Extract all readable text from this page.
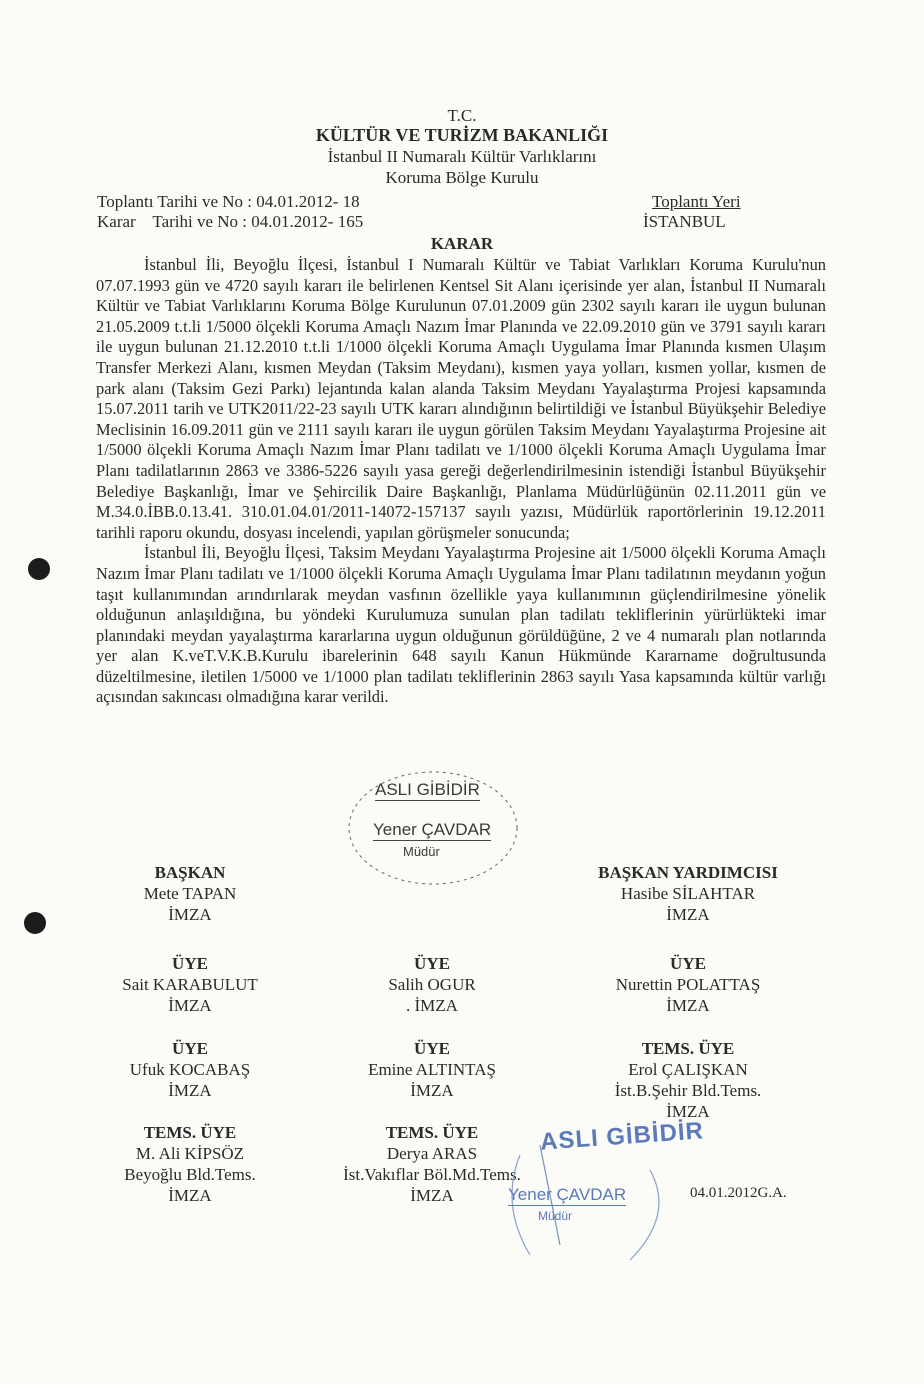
T.C.
KÜLTÜR VE TURİZM BAKANLIĞI
İstanbul II Numaralı Kültür Varlıklarını
Koruma Bölge Kurulu
Toplantı Tarihi ve No : 04.01.2012- 18
Karar    Tarihi ve No : 04.01.2012- 165
Toplantı Yeri
İSTANBUL
KARAR

İstanbul İli, Beyoğlu İlçesi, İstanbul I Numaralı Kültür ve Tabiat Varlıkları Koruma Kurulu'nun 07.07.1993 gün ve 4720 sayılı kararı ile belirlenen Kentsel Sit Alanı içerisinde yer alan, İstanbul II Numaralı Kültür ve Tabiat Varlıklarını Koruma Bölge Kurulunun 07.01.2009 gün 2302 sayılı kararı ile uygun bulunan 21.05.2009 t.t.li 1/5000 ölçekli Koruma Amaçlı Nazım İmar Planında ve 22.09.2010 gün ve 3791 sayılı kararı ile uygun bulunan 21.12.2010 t.t.li 1/1000 ölçekli Koruma Amaçlı Uygulama İmar Planında kısmen Ulaşım Transfer Merkezi Alanı, kısmen Meydan (Taksim Meydanı), kısmen yaya yolları, kısmen yollar, kısmen de park alanı (Taksim Gezi Parkı) lejantında kalan alanda Taksim Meydanı Yayalaştırma Projesi kapsamında 15.07.2011 tarih ve UTK2011/22-23 sayılı UTK kararı alındığının belirtildiği ve İstanbul Büyükşehir Belediye Meclisinin 16.09.2011 gün ve 2111 sayılı kararı ile uygun görülen Taksim Meydanı Yayalaştırma Projesine ait 1/5000 ölçekli Koruma Amaçlı Nazım İmar Planı tadilatı ve 1/1000 ölçekli Koruma Amaçlı Uygulama İmar Planı tadilatlarının 2863 ve 3386-5226 sayılı yasa gereği değerlendirilmesinin istendiği İstanbul Büyükşehir Belediye Başkanlığı, İmar ve Şehircilik Daire Başkanlığı, Planlama Müdürlüğünün 02.11.2011 gün ve M.34.0.İBB.0.13.41. 310.01.04.01/2011-14072-157137 sayılı yazısı, Müdürlük raportörlerinin 19.12.2011 tarihli raporu okundu, dosyası incelendi, yapılan görüşmeler sonucunda;

İstanbul İli, Beyoğlu İlçesi, Taksim Meydanı Yayalaştırma Projesine ait 1/5000 ölçekli Koruma Amaçlı Nazım İmar Planı tadilatı ve 1/1000 ölçekli Koruma Amaçlı Uygulama İmar Planı tadilatının meydanın yoğun taşıt kullanımından arındırılarak meydan vasfının özellikle yaya kullanımının güçlendirilmesine yönelik olduğunun anlaşıldığına, bu yöndeki Kurulumuza sunulan plan tadilatı tekliflerinin yürürlükteki imar planındaki meydan yayalaştırma kararlarına uygun olduğunun görüldüğüne, 2 ve 4 numaralı plan notlarında yer alan K.veT.V.K.B.Kurulu ibarelerinin 648 sayılı Kanun Hükmünde Kararname doğrultusunda düzeltilmesine, iletilen 1/5000 ve 1/1000 plan tadilatı tekliflerinin 2863 sayılı Yasa kapsamında kültür varlığı açısından sakıncası olmadığına karar verildi.

ASLI GİBİDİR
Yener ÇAVDAR
Müdür
BAŞKAN
Mete TAPAN
İMZA
BAŞKAN YARDIMCISI
Hasibe SİLAHTAR
İMZA
ÜYE
Sait KARABULUT
İMZA
ÜYE
Salih OGUR
. İMZA
ÜYE
Nurettin POLATTAŞ
İMZA
ÜYE
Ufuk KOCABAŞ
İMZA
ÜYE
Emine ALTINTAŞ
İMZA
TEMS. ÜYE
Erol ÇALIŞKAN
İst.B.Şehir Bld.Tems.
İMZA
TEMS. ÜYE
M. Ali KİPSÖZ
Beyoğlu Bld.Tems.
İMZA
TEMS. ÜYE
Derya ARAS
İst.Vakıflar Böl.Md.Tems.
İMZA
ASLI GİBİDİR
Yener ÇAVDAR
Müdür
04.01.2012G.A.
